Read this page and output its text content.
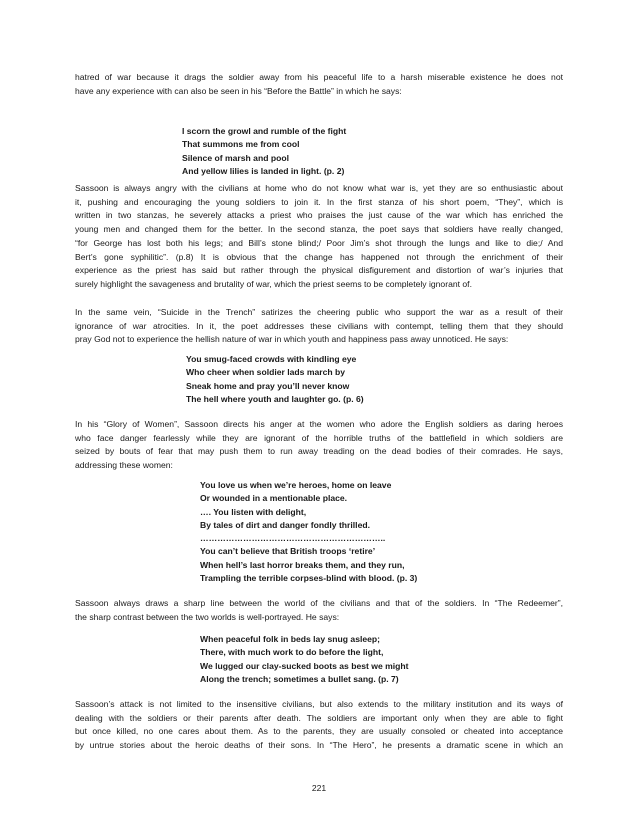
hatred of war because it drags the soldier away from his peaceful life to a harsh miserable existence he does not
have any experience with can also be seen in his “Before the Battle” in which he says:
I scorn the growl and rumble of the fight
That summons me from cool
Silence of marsh and pool
And yellow lilies is landed in light. (p. 2)
Sassoon is always angry with the civilians at home who do not know what war is, yet they are so enthusiastic about
it, pushing and encouraging the young soldiers to join it. In the first stanza of his short poem, “They”, which is
written in two stanzas, he severely attacks a priest who praises the just cause of the war which has enriched the
young men and changed them for the better. In the second stanza, the poet says that soldiers have really changed,
“for George has lost both his legs; and Bill’s stone blind;/ Poor Jim’s shot through the lungs and like to die;/ And
Bert’s gone syphilitic”. (p.8) It is obvious that the change has happened not through the enrichment of their
experience as the priest has said but rather through the physical disfigurement and distortion of war’s injuries that
surely highlight the savageness and brutality of war, which the priest seems to be completely ignorant of.
In the same vein, “Suicide in the Trench” satirizes the cheering public who support the war as a result of their
ignorance of war atrocities. In it, the poet addresses these civilians with contempt, telling them that they should
pray God not to experience the hellish nature of war in which youth and happiness pass away unnoticed. He says:
You smug-faced crowds with kindling eye
Who cheer when soldier lads march by
Sneak home and pray you’ll never know
The hell where youth and laughter go. (p. 6)
In his “Glory of Women”, Sassoon directs his anger at the women who adore the English soldiers as daring heroes
who face danger fearlessly while they are ignorant of the horrible truths of the battlefield in which soldiers are
seized by bouts of fear that may push them to run away treading on the dead bodies of their comrades. He says,
addressing these women:
You love us when we’re heroes, home on leave
Or wounded in a mentionable place.
…. You listen with delight,
By tales of dirt and danger fondly thrilled.
………………………………………………………..
You can’t believe that British troops ‘retire’
When hell’s last horror breaks them, and they run,
Trampling the terrible corpses-blind with blood. (p. 3)
Sassoon always draws a sharp line between the world of the civilians and that of the soldiers. In “The Redeemer”,
the sharp contrast between the two worlds is well-portrayed. He says:
When peaceful folk in beds lay snug asleep;
There, with much work to do before the light,
We lugged our clay-sucked boots as best we might
Along the trench; sometimes a bullet sang. (p. 7)
Sassoon’s attack is not limited to the insensitive civilians, but also extends to the military institution and its ways of
dealing with the soldiers or their parents after death. The soldiers are important only when they are able to fight
but once killed, no one cares about them. As to the parents, they are usually consoled or cheated into acceptance
by untrue stories about the heroic deaths of their sons. In “The Hero”, he presents a dramatic scene in which an
221
